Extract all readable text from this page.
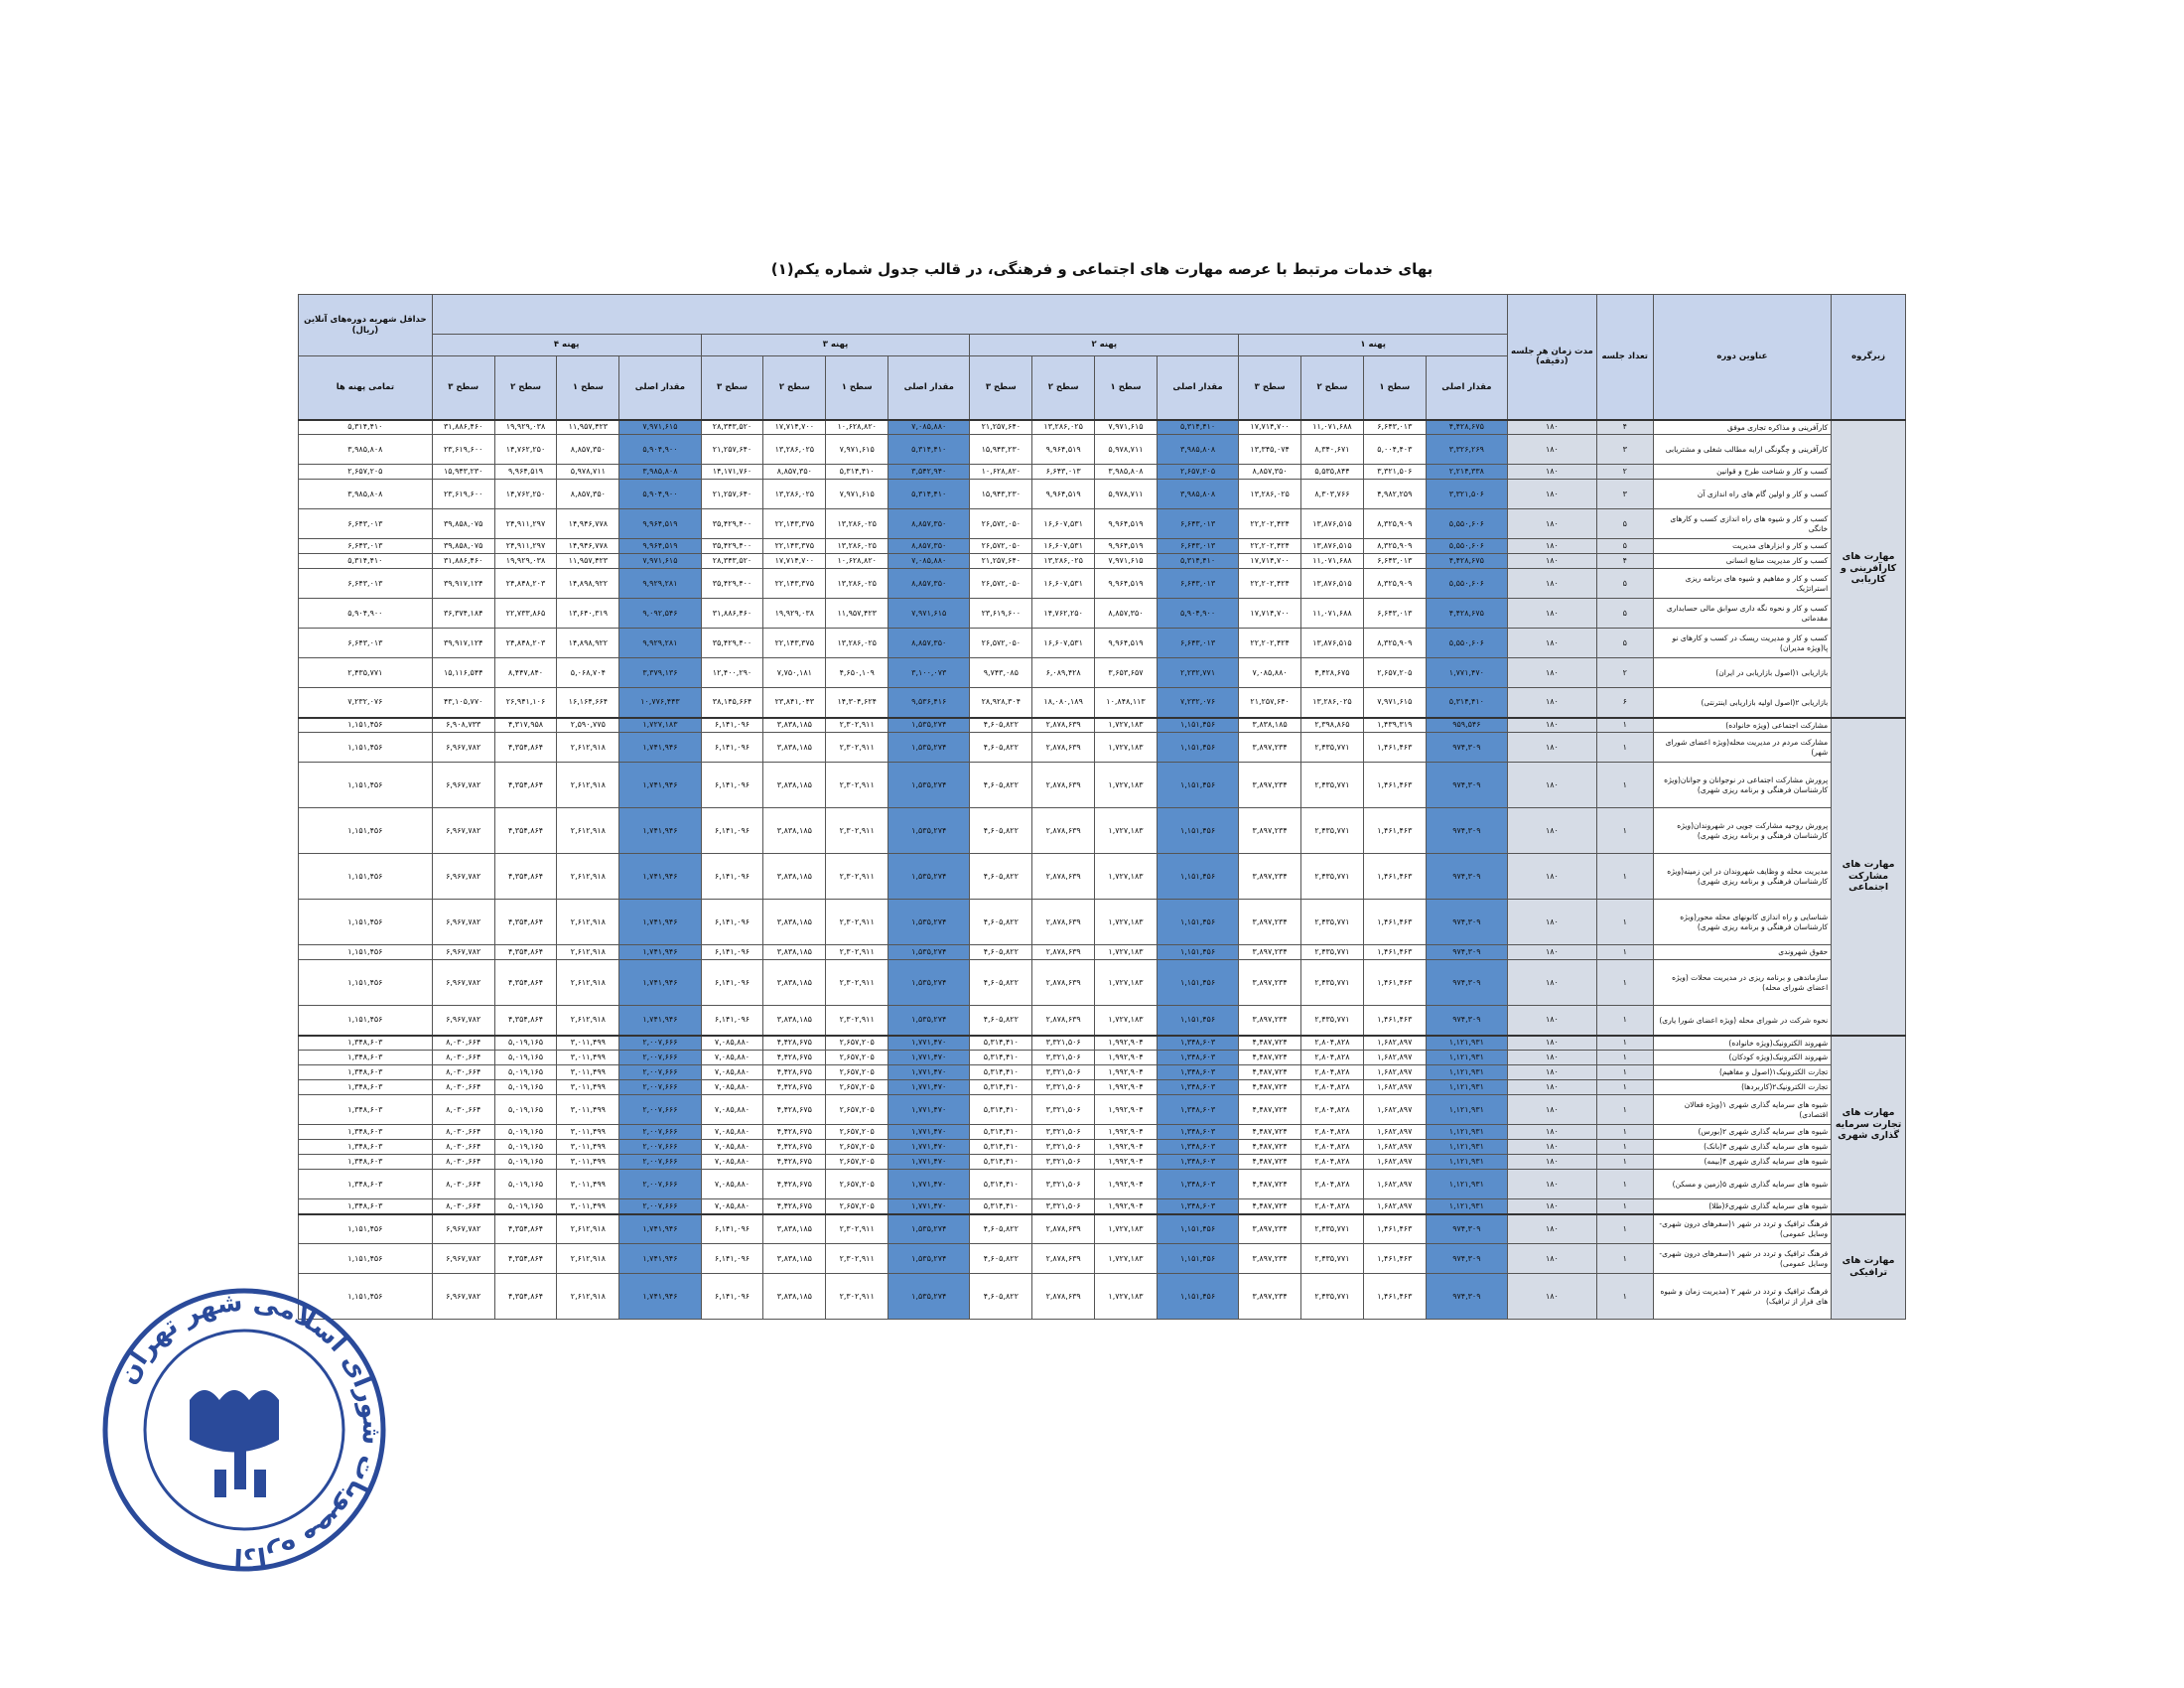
بهای خدمات مرتبط با عرصه مهارت های اجتماعی و فرهنگی، در قالب جدول شماره یکم(۱)
زیرگروه	عناوین دوره	تعداد جلسه	مدت زمان هر جلسه (دقیقه)																	حداقل شهریه دوره‌های آنلاین (ریال)
				پهنه ۱				پهنه ۲				پهنه ۳				پهنه ۴				
				مقدار اصلی	سطح ۱	سطح ۲	سطح ۳	مقدار اصلی	سطح ۱	سطح ۲	سطح ۳	مقدار اصلی	سطح ۱	سطح ۲	سطح ۳	مقدار اصلی	سطح ۱	سطح ۲	سطح ۳	تمامی پهنه ها
مهارت های کارآفرینی و کاریابی	کارآفرینی و مذاکره تجاری موفق	۴	۱۸۰	۴,۴۲۸,۶۷۵	۶,۶۴۳,۰۱۳	۱۱,۰۷۱,۶۸۸	۱۷,۷۱۴,۷۰۰	۵,۳۱۴,۴۱۰	۷,۹۷۱,۶۱۵	۱۳,۲۸۶,۰۲۵	۲۱,۲۵۷,۶۴۰	۷,۰۸۵,۸۸۰	۱۰,۶۲۸,۸۲۰	۱۷,۷۱۴,۷۰۰	۲۸,۳۴۳,۵۲۰	۷,۹۷۱,۶۱۵	۱۱,۹۵۷,۴۲۳	۱۹,۹۲۹,۰۳۸	۳۱,۸۸۶,۴۶۰	۵,۳۱۴,۴۱۰
	کارآفرینی و چگونگی ارایه مطالب شغلی و مشتریابی	۳	۱۸۰	۳,۳۲۶,۲۶۹	۵,۰۰۴,۴۰۳	۸,۳۴۰,۶۷۱	۱۳,۳۴۵,۰۷۴	۳,۹۸۵,۸۰۸	۵,۹۷۸,۷۱۱	۹,۹۶۴,۵۱۹	۱۵,۹۴۳,۲۳۰	۵,۳۱۴,۴۱۰	۷,۹۷۱,۶۱۵	۱۳,۲۸۶,۰۲۵	۲۱,۲۵۷,۶۴۰	۵,۹۰۴,۹۰۰	۸,۸۵۷,۳۵۰	۱۴,۷۶۲,۲۵۰	۲۳,۶۱۹,۶۰۰	۳,۹۸۵,۸۰۸
	کسب و کار و شناخت طرح و قوانین	۲	۱۸۰	۲,۲۱۴,۳۳۸	۳,۳۲۱,۵۰۶	۵,۵۳۵,۸۴۴	۸,۸۵۷,۳۵۰	۲,۶۵۷,۲۰۵	۳,۹۸۵,۸۰۸	۶,۶۴۳,۰۱۳	۱۰,۶۲۸,۸۲۰	۳,۵۴۲,۹۴۰	۵,۳۱۴,۴۱۰	۸,۸۵۷,۳۵۰	۱۴,۱۷۱,۷۶۰	۳,۹۸۵,۸۰۸	۵,۹۷۸,۷۱۱	۹,۹۶۴,۵۱۹	۱۵,۹۴۳,۲۳۰	۲,۶۵۷,۲۰۵
	کسب و کار و اولین گام های راه اندازی آن	۳	۱۸۰	۳,۳۲۱,۵۰۶	۴,۹۸۲,۲۵۹	۸,۳۰۳,۷۶۶	۱۳,۲۸۶,۰۲۵	۳,۹۸۵,۸۰۸	۵,۹۷۸,۷۱۱	۹,۹۶۴,۵۱۹	۱۵,۹۴۳,۲۳۰	۵,۳۱۴,۴۱۰	۷,۹۷۱,۶۱۵	۱۳,۲۸۶,۰۲۵	۲۱,۲۵۷,۶۴۰	۵,۹۰۴,۹۰۰	۸,۸۵۷,۳۵۰	۱۴,۷۶۲,۲۵۰	۲۳,۶۱۹,۶۰۰	۳,۹۸۵,۸۰۸
	کسب و کار و شیوه های راه اندازی کسب و کارهای خانگی	۵	۱۸۰	۵,۵۵۰,۶۰۶	۸,۳۲۵,۹۰۹	۱۳,۸۷۶,۵۱۵	۲۲,۲۰۲,۴۲۴	۶,۶۴۳,۰۱۳	۹,۹۶۴,۵۱۹	۱۶,۶۰۷,۵۳۱	۲۶,۵۷۲,۰۵۰	۸,۸۵۷,۳۵۰	۱۳,۲۸۶,۰۲۵	۲۲,۱۴۳,۳۷۵	۳۵,۴۲۹,۴۰۰	۹,۹۶۴,۵۱۹	۱۴,۹۴۶,۷۷۸	۲۴,۹۱۱,۲۹۷	۳۹,۸۵۸,۰۷۵	۶,۶۴۳,۰۱۳
	کسب و کار و ابزارهای مدیریت	۵	۱۸۰	۵,۵۵۰,۶۰۶	۸,۳۲۵,۹۰۹	۱۳,۸۷۶,۵۱۵	۲۲,۲۰۲,۴۲۴	۶,۶۴۳,۰۱۳	۹,۹۶۴,۵۱۹	۱۶,۶۰۷,۵۳۱	۲۶,۵۷۲,۰۵۰	۸,۸۵۷,۳۵۰	۱۳,۲۸۶,۰۲۵	۲۲,۱۴۳,۳۷۵	۳۵,۴۲۹,۴۰۰	۹,۹۶۴,۵۱۹	۱۴,۹۴۶,۷۷۸	۲۴,۹۱۱,۲۹۷	۳۹,۸۵۸,۰۷۵	۶,۶۴۳,۰۱۳
	کسب و کار مدیریت منابع انسانی	۴	۱۸۰	۴,۴۲۸,۶۷۵	۶,۶۴۳,۰۱۳	۱۱,۰۷۱,۶۸۸	۱۷,۷۱۴,۷۰۰	۵,۳۱۴,۴۱۰	۷,۹۷۱,۶۱۵	۱۳,۲۸۶,۰۲۵	۲۱,۲۵۷,۶۴۰	۷,۰۸۵,۸۸۰	۱۰,۶۲۸,۸۲۰	۱۷,۷۱۴,۷۰۰	۲۸,۳۴۳,۵۲۰	۷,۹۷۱,۶۱۵	۱۱,۹۵۷,۴۲۳	۱۹,۹۲۹,۰۳۸	۳۱,۸۸۶,۴۶۰	۵,۳۱۴,۴۱۰
	کسب و کار و مفاهیم و شیوه های برنامه ریزی استراتژیک	۵	۱۸۰	۵,۵۵۰,۶۰۶	۸,۳۲۵,۹۰۹	۱۳,۸۷۶,۵۱۵	۲۲,۲۰۲,۴۲۴	۶,۶۴۳,۰۱۳	۹,۹۶۴,۵۱۹	۱۶,۶۰۷,۵۳۱	۲۶,۵۷۲,۰۵۰	۸,۸۵۷,۳۵۰	۱۳,۲۸۶,۰۲۵	۲۲,۱۴۳,۳۷۵	۳۵,۴۲۹,۴۰۰	۹,۹۲۹,۲۸۱	۱۴,۸۹۸,۹۲۲	۲۴,۸۴۸,۲۰۳	۳۹,۹۱۷,۱۲۴	۶,۶۴۳,۰۱۳
	کسب و کار و نحوه نگه داری سوابق مالی حسابداری مقدماتی	۵	۱۸۰	۴,۴۲۸,۶۷۵	۶,۶۴۳,۰۱۳	۱۱,۰۷۱,۶۸۸	۱۷,۷۱۴,۷۰۰	۵,۹۰۴,۹۰۰	۸,۸۵۷,۳۵۰	۱۴,۷۶۲,۲۵۰	۲۳,۶۱۹,۶۰۰	۷,۹۷۱,۶۱۵	۱۱,۹۵۷,۴۲۳	۱۹,۹۲۹,۰۳۸	۳۱,۸۸۶,۴۶۰	۹,۰۹۲,۵۴۶	۱۳,۶۴۰,۳۱۹	۲۲,۷۳۳,۸۶۵	۳۶,۳۷۴,۱۸۴	۵,۹۰۴,۹۰۰
	کسب و کار و مدیریت ریسک در کسب و کارهای نو پا(ویژه مدیران)	۵	۱۸۰	۵,۵۵۰,۶۰۶	۸,۳۲۵,۹۰۹	۱۳,۸۷۶,۵۱۵	۲۲,۲۰۲,۴۲۴	۶,۶۴۳,۰۱۳	۹,۹۶۴,۵۱۹	۱۶,۶۰۷,۵۳۱	۲۶,۵۷۲,۰۵۰	۸,۸۵۷,۳۵۰	۱۳,۲۸۶,۰۲۵	۲۲,۱۴۳,۳۷۵	۳۵,۴۲۹,۴۰۰	۹,۹۲۹,۲۸۱	۱۴,۸۹۸,۹۲۲	۲۴,۸۴۸,۲۰۳	۳۹,۹۱۷,۱۲۴	۶,۶۴۳,۰۱۳
	بازاریابی ۱(اصول بازاریابی در ایران)	۲	۱۸۰	۱,۷۷۱,۴۷۰	۲,۶۵۷,۲۰۵	۴,۴۲۸,۶۷۵	۷,۰۸۵,۸۸۰	۲,۲۳۲,۷۷۱	۳,۶۵۳,۶۵۷	۶,۰۸۹,۴۲۸	۹,۷۴۳,۰۸۵	۳,۱۰۰,۰۷۳	۴,۶۵۰,۱۰۹	۷,۷۵۰,۱۸۱	۱۲,۴۰۰,۲۹۰	۳,۳۷۹,۱۳۶	۵,۰۶۸,۷۰۴	۸,۴۴۷,۸۴۰	۱۵,۱۱۶,۵۴۴	۲,۴۳۵,۷۷۱
	بازاریابی ۲(اصول اولیه بازاریابی اینترنتی)	۶	۱۸۰	۵,۳۱۴,۴۱۰	۷,۹۷۱,۶۱۵	۱۳,۲۸۶,۰۲۵	۲۱,۲۵۷,۶۴۰	۷,۲۳۲,۰۷۶	۱۰,۸۴۸,۱۱۳	۱۸,۰۸۰,۱۸۹	۲۸,۹۲۸,۳۰۴	۹,۵۳۶,۴۱۶	۱۴,۳۰۴,۶۲۴	۲۳,۸۴۱,۰۴۳	۳۸,۱۴۵,۶۶۴	۱۰,۷۷۶,۴۴۳	۱۶,۱۶۴,۶۶۴	۲۶,۹۴۱,۱۰۶	۴۳,۱۰۵,۷۷۰	۷,۲۳۲,۰۷۶
مهارت های مشارکت اجتماعی	مشارکت اجتماعی (ویژه خانواده)	۱	۱۸۰	۹۵۹,۵۴۶	۱,۴۳۹,۳۱۹	۲,۳۹۸,۸۶۵	۳,۸۳۸,۱۸۵	۱,۱۵۱,۴۵۶	۱,۷۲۷,۱۸۳	۲,۸۷۸,۶۳۹	۴,۶۰۵,۸۲۲	۱,۵۳۵,۲۷۴	۲,۳۰۲,۹۱۱	۳,۸۳۸,۱۸۵	۶,۱۴۱,۰۹۶	۱,۷۲۷,۱۸۳	۲,۵۹۰,۷۷۵	۴,۳۱۷,۹۵۸	۶,۹۰۸,۷۳۳	۱,۱۵۱,۴۵۶
	مشارکت مردم در مدیریت محله(ویژه اعضای شورای شهر)	۱	۱۸۰	۹۷۴,۳۰۹	۱,۴۶۱,۴۶۳	۲,۴۳۵,۷۷۱	۳,۸۹۷,۲۳۴	۱,۱۵۱,۴۵۶	۱,۷۲۷,۱۸۳	۲,۸۷۸,۶۳۹	۴,۶۰۵,۸۲۲	۱,۵۳۵,۲۷۴	۲,۳۰۲,۹۱۱	۳,۸۳۸,۱۸۵	۶,۱۴۱,۰۹۶	۱,۷۴۱,۹۴۶	۲,۶۱۲,۹۱۸	۴,۳۵۴,۸۶۴	۶,۹۶۷,۷۸۲	۱,۱۵۱,۴۵۶
	پرورش مشارکت اجتماعی در نوجوانان و جوانان(ویژه کارشناسان فرهنگی و برنامه ریزی شهری)	۱	۱۸۰	۹۷۴,۳۰۹	۱,۴۶۱,۴۶۳	۲,۴۳۵,۷۷۱	۳,۸۹۷,۲۳۴	۱,۱۵۱,۴۵۶	۱,۷۲۷,۱۸۳	۲,۸۷۸,۶۳۹	۴,۶۰۵,۸۲۲	۱,۵۳۵,۲۷۴	۲,۳۰۲,۹۱۱	۳,۸۳۸,۱۸۵	۶,۱۴۱,۰۹۶	۱,۷۴۱,۹۴۶	۲,۶۱۲,۹۱۸	۴,۳۵۴,۸۶۴	۶,۹۶۷,۷۸۲	۱,۱۵۱,۴۵۶
	پرورش روحیه مشارکت جویی در شهروندان(ویژه کارشناسان فرهنگی و برنامه ریزی شهری)	۱	۱۸۰	۹۷۴,۳۰۹	۱,۴۶۱,۴۶۳	۲,۴۳۵,۷۷۱	۳,۸۹۷,۲۳۴	۱,۱۵۱,۴۵۶	۱,۷۲۷,۱۸۳	۲,۸۷۸,۶۳۹	۴,۶۰۵,۸۲۲	۱,۵۳۵,۲۷۴	۲,۳۰۲,۹۱۱	۳,۸۳۸,۱۸۵	۶,۱۴۱,۰۹۶	۱,۷۴۱,۹۴۶	۲,۶۱۲,۹۱۸	۴,۳۵۴,۸۶۴	۶,۹۶۷,۷۸۲	۱,۱۵۱,۴۵۶
	مدیریت محله و وظایف شهروندان در این زمینه(ویژه کارشناسان فرهنگی و برنامه ریزی شهری)	۱	۱۸۰	۹۷۴,۳۰۹	۱,۴۶۱,۴۶۳	۲,۴۳۵,۷۷۱	۳,۸۹۷,۲۳۴	۱,۱۵۱,۴۵۶	۱,۷۲۷,۱۸۳	۲,۸۷۸,۶۳۹	۴,۶۰۵,۸۲۲	۱,۵۳۵,۲۷۴	۲,۳۰۲,۹۱۱	۳,۸۳۸,۱۸۵	۶,۱۴۱,۰۹۶	۱,۷۴۱,۹۴۶	۲,۶۱۲,۹۱۸	۴,۳۵۴,۸۶۴	۶,۹۶۷,۷۸۲	۱,۱۵۱,۴۵۶
	شناسایی و راه اندازی کانونهای محله محور(ویژه کارشناسان فرهنگی و برنامه ریزی شهری)	۱	۱۸۰	۹۷۴,۳۰۹	۱,۴۶۱,۴۶۳	۲,۴۳۵,۷۷۱	۳,۸۹۷,۲۳۴	۱,۱۵۱,۴۵۶	۱,۷۲۷,۱۸۳	۲,۸۷۸,۶۳۹	۴,۶۰۵,۸۲۲	۱,۵۳۵,۲۷۴	۲,۳۰۲,۹۱۱	۳,۸۳۸,۱۸۵	۶,۱۴۱,۰۹۶	۱,۷۴۱,۹۴۶	۲,۶۱۲,۹۱۸	۴,۳۵۴,۸۶۴	۶,۹۶۷,۷۸۲	۱,۱۵۱,۴۵۶
	حقوق شهروندی	۱	۱۸۰	۹۷۴,۳۰۹	۱,۴۶۱,۴۶۳	۲,۴۳۵,۷۷۱	۳,۸۹۷,۲۳۴	۱,۱۵۱,۴۵۶	۱,۷۲۷,۱۸۳	۲,۸۷۸,۶۳۹	۴,۶۰۵,۸۲۲	۱,۵۳۵,۲۷۴	۲,۳۰۲,۹۱۱	۳,۸۳۸,۱۸۵	۶,۱۴۱,۰۹۶	۱,۷۴۱,۹۴۶	۲,۶۱۲,۹۱۸	۴,۳۵۴,۸۶۴	۶,۹۶۷,۷۸۲	۱,۱۵۱,۴۵۶
	سازماندهی و برنامه ریزی در مدیریت محلات (ویژه اعضای شورای محله)	۱	۱۸۰	۹۷۴,۳۰۹	۱,۴۶۱,۴۶۳	۲,۴۳۵,۷۷۱	۳,۸۹۷,۲۳۴	۱,۱۵۱,۴۵۶	۱,۷۲۷,۱۸۳	۲,۸۷۸,۶۳۹	۴,۶۰۵,۸۲۲	۱,۵۳۵,۲۷۴	۲,۳۰۲,۹۱۱	۳,۸۳۸,۱۸۵	۶,۱۴۱,۰۹۶	۱,۷۴۱,۹۴۶	۲,۶۱۲,۹۱۸	۴,۳۵۴,۸۶۴	۶,۹۶۷,۷۸۲	۱,۱۵۱,۴۵۶
	نحوه شرکت در شورای محله (ویژه اعضای شورا یاری)	۱	۱۸۰	۹۷۴,۳۰۹	۱,۴۶۱,۴۶۳	۲,۴۳۵,۷۷۱	۳,۸۹۷,۲۳۴	۱,۱۵۱,۴۵۶	۱,۷۲۷,۱۸۳	۲,۸۷۸,۶۳۹	۴,۶۰۵,۸۲۲	۱,۵۳۵,۲۷۴	۲,۳۰۲,۹۱۱	۳,۸۳۸,۱۸۵	۶,۱۴۱,۰۹۶	۱,۷۴۱,۹۴۶	۲,۶۱۲,۹۱۸	۴,۳۵۴,۸۶۴	۶,۹۶۷,۷۸۲	۱,۱۵۱,۴۵۶
مهارت های تجارت سرمایه گذاری شهری	شهروند الکترونیک(ویژه خانواده)	۱	۱۸۰	۱,۱۲۱,۹۳۱	۱,۶۸۲,۸۹۷	۲,۸۰۴,۸۲۸	۴,۴۸۷,۷۲۴	۱,۳۴۸,۶۰۳	۱,۹۹۲,۹۰۴	۳,۳۲۱,۵۰۶	۵,۳۱۴,۴۱۰	۱,۷۷۱,۴۷۰	۲,۶۵۷,۲۰۵	۴,۴۲۸,۶۷۵	۷,۰۸۵,۸۸۰	۲,۰۰۷,۶۶۶	۳,۰۱۱,۴۹۹	۵,۰۱۹,۱۶۵	۸,۰۳۰,۶۶۴	۱,۳۴۸,۶۰۳
	شهروند الکترونیک(ویژه کودکان)	۱	۱۸۰	۱,۱۲۱,۹۳۱	۱,۶۸۲,۸۹۷	۲,۸۰۴,۸۲۸	۴,۴۸۷,۷۲۴	۱,۳۴۸,۶۰۳	۱,۹۹۲,۹۰۴	۳,۳۲۱,۵۰۶	۵,۳۱۴,۴۱۰	۱,۷۷۱,۴۷۰	۲,۶۵۷,۲۰۵	۴,۴۲۸,۶۷۵	۷,۰۸۵,۸۸۰	۲,۰۰۷,۶۶۶	۳,۰۱۱,۴۹۹	۵,۰۱۹,۱۶۵	۸,۰۳۰,۶۶۴	۱,۳۴۸,۶۰۳
	تجارت الکترونیک۱(اصول و مفاهیم)	۱	۱۸۰	۱,۱۲۱,۹۳۱	۱,۶۸۲,۸۹۷	۲,۸۰۴,۸۲۸	۴,۴۸۷,۷۲۴	۱,۳۴۸,۶۰۳	۱,۹۹۲,۹۰۴	۳,۳۲۱,۵۰۶	۵,۳۱۴,۴۱۰	۱,۷۷۱,۴۷۰	۲,۶۵۷,۲۰۵	۴,۴۲۸,۶۷۵	۷,۰۸۵,۸۸۰	۲,۰۰۷,۶۶۶	۳,۰۱۱,۴۹۹	۵,۰۱۹,۱۶۵	۸,۰۳۰,۶۶۴	۱,۳۴۸,۶۰۳
	تجارت الکترونیک۲(کاربردها)	۱	۱۸۰	۱,۱۲۱,۹۳۱	۱,۶۸۲,۸۹۷	۲,۸۰۴,۸۲۸	۴,۴۸۷,۷۲۴	۱,۳۴۸,۶۰۳	۱,۹۹۲,۹۰۴	۳,۳۲۱,۵۰۶	۵,۳۱۴,۴۱۰	۱,۷۷۱,۴۷۰	۲,۶۵۷,۲۰۵	۴,۴۲۸,۶۷۵	۷,۰۸۵,۸۸۰	۲,۰۰۷,۶۶۶	۳,۰۱۱,۴۹۹	۵,۰۱۹,۱۶۵	۸,۰۳۰,۶۶۴	۱,۳۴۸,۶۰۳
	شیوه های سرمایه گذاری شهری ۱(ویژه فعالان اقتصادی)	۱	۱۸۰	۱,۱۲۱,۹۳۱	۱,۶۸۲,۸۹۷	۲,۸۰۴,۸۲۸	۴,۴۸۷,۷۲۴	۱,۳۴۸,۶۰۳	۱,۹۹۲,۹۰۴	۳,۳۲۱,۵۰۶	۵,۳۱۴,۴۱۰	۱,۷۷۱,۴۷۰	۲,۶۵۷,۲۰۵	۴,۴۲۸,۶۷۵	۷,۰۸۵,۸۸۰	۲,۰۰۷,۶۶۶	۳,۰۱۱,۴۹۹	۵,۰۱۹,۱۶۵	۸,۰۳۰,۶۶۴	۱,۳۴۸,۶۰۳
	شیوه های سرمایه گذاری شهری ۲(بورس)	۱	۱۸۰	۱,۱۲۱,۹۳۱	۱,۶۸۲,۸۹۷	۲,۸۰۴,۸۲۸	۴,۴۸۷,۷۲۴	۱,۳۴۸,۶۰۳	۱,۹۹۲,۹۰۴	۳,۳۲۱,۵۰۶	۵,۳۱۴,۴۱۰	۱,۷۷۱,۴۷۰	۲,۶۵۷,۲۰۵	۴,۴۲۸,۶۷۵	۷,۰۸۵,۸۸۰	۲,۰۰۷,۶۶۶	۳,۰۱۱,۴۹۹	۵,۰۱۹,۱۶۵	۸,۰۳۰,۶۶۴	۱,۳۴۸,۶۰۳
	شیوه های سرمایه گذاری شهری ۳(بانک)	۱	۱۸۰	۱,۱۲۱,۹۳۱	۱,۶۸۲,۸۹۷	۲,۸۰۴,۸۲۸	۴,۴۸۷,۷۲۴	۱,۳۴۸,۶۰۳	۱,۹۹۲,۹۰۴	۳,۳۲۱,۵۰۶	۵,۳۱۴,۴۱۰	۱,۷۷۱,۴۷۰	۲,۶۵۷,۲۰۵	۴,۴۲۸,۶۷۵	۷,۰۸۵,۸۸۰	۲,۰۰۷,۶۶۶	۳,۰۱۱,۴۹۹	۵,۰۱۹,۱۶۵	۸,۰۳۰,۶۶۴	۱,۳۴۸,۶۰۳
	شیوه های سرمایه گذاری شهری ۴(بیمه)	۱	۱۸۰	۱,۱۲۱,۹۳۱	۱,۶۸۲,۸۹۷	۲,۸۰۴,۸۲۸	۴,۴۸۷,۷۲۴	۱,۳۴۸,۶۰۳	۱,۹۹۲,۹۰۴	۳,۳۲۱,۵۰۶	۵,۳۱۴,۴۱۰	۱,۷۷۱,۴۷۰	۲,۶۵۷,۲۰۵	۴,۴۲۸,۶۷۵	۷,۰۸۵,۸۸۰	۲,۰۰۷,۶۶۶	۳,۰۱۱,۴۹۹	۵,۰۱۹,۱۶۵	۸,۰۳۰,۶۶۴	۱,۳۴۸,۶۰۳
	شیوه های سرمایه گذاری شهری ۵(زمین و مسکن)	۱	۱۸۰	۱,۱۲۱,۹۳۱	۱,۶۸۲,۸۹۷	۲,۸۰۴,۸۲۸	۴,۴۸۷,۷۲۴	۱,۳۴۸,۶۰۳	۱,۹۹۲,۹۰۴	۳,۳۲۱,۵۰۶	۵,۳۱۴,۴۱۰	۱,۷۷۱,۴۷۰	۲,۶۵۷,۲۰۵	۴,۴۲۸,۶۷۵	۷,۰۸۵,۸۸۰	۲,۰۰۷,۶۶۶	۳,۰۱۱,۴۹۹	۵,۰۱۹,۱۶۵	۸,۰۳۰,۶۶۴	۱,۳۴۸,۶۰۳
	شیوه های سرمایه گذاری شهری۶(طلا)	۱	۱۸۰	۱,۱۲۱,۹۳۱	۱,۶۸۲,۸۹۷	۲,۸۰۴,۸۲۸	۴,۴۸۷,۷۲۴	۱,۳۴۸,۶۰۳	۱,۹۹۲,۹۰۴	۳,۳۲۱,۵۰۶	۵,۳۱۴,۴۱۰	۱,۷۷۱,۴۷۰	۲,۶۵۷,۲۰۵	۴,۴۲۸,۶۷۵	۷,۰۸۵,۸۸۰	۲,۰۰۷,۶۶۶	۳,۰۱۱,۴۹۹	۵,۰۱۹,۱۶۵	۸,۰۳۰,۶۶۴	۱,۳۴۸,۶۰۳
مهارت های ترافیکی	فرهنگ ترافیک و تردد در شهر ۱(سفرهای درون شهری-وسایل عمومی)	۱	۱۸۰	۹۷۴,۳۰۹	۱,۴۶۱,۴۶۳	۲,۴۳۵,۷۷۱	۳,۸۹۷,۲۳۴	۱,۱۵۱,۴۵۶	۱,۷۲۷,۱۸۳	۲,۸۷۸,۶۳۹	۴,۶۰۵,۸۲۲	۱,۵۳۵,۲۷۴	۲,۳۰۲,۹۱۱	۳,۸۳۸,۱۸۵	۶,۱۴۱,۰۹۶	۱,۷۴۱,۹۴۶	۲,۶۱۲,۹۱۸	۴,۳۵۴,۸۶۴	۶,۹۶۷,۷۸۲	۱,۱۵۱,۴۵۶
	فرهنگ ترافیک و تردد در شهر ۱(سفرهای درون شهری-وسایل عمومی)	۱	۱۸۰	۹۷۴,۳۰۹	۱,۴۶۱,۴۶۳	۲,۴۳۵,۷۷۱	۳,۸۹۷,۲۳۴	۱,۱۵۱,۴۵۶	۱,۷۲۷,۱۸۳	۲,۸۷۸,۶۳۹	۴,۶۰۵,۸۲۲	۱,۵۳۵,۲۷۴	۲,۳۰۲,۹۱۱	۳,۸۳۸,۱۸۵	۶,۱۴۱,۰۹۶	۱,۷۴۱,۹۴۶	۲,۶۱۲,۹۱۸	۴,۳۵۴,۸۶۴	۶,۹۶۷,۷۸۲	۱,۱۵۱,۴۵۶
	فرهنگ ترافیک و تردد در شهر ۲ (مدیریت زمان و شیوه های فرار از ترافیک)	۱	۱۸۰	۹۷۴,۳۰۹	۱,۴۶۱,۴۶۳	۲,۴۳۵,۷۷۱	۳,۸۹۷,۲۳۴	۱,۱۵۱,۴۵۶	۱,۷۲۷,۱۸۳	۲,۸۷۸,۶۳۹	۴,۶۰۵,۸۲۲	۱,۵۳۵,۲۷۴	۲,۳۰۲,۹۱۱	۳,۸۳۸,۱۸۵	۶,۱۴۱,۰۹۶	۱,۷۴۱,۹۴۶	۲,۶۱۲,۹۱۸	۴,۳۵۴,۸۶۴	۶,۹۶۷,۷۸۲	۱,۱۵۱,۴۵۶
اداره مصوبات شورای اسلامی شهر تهران
